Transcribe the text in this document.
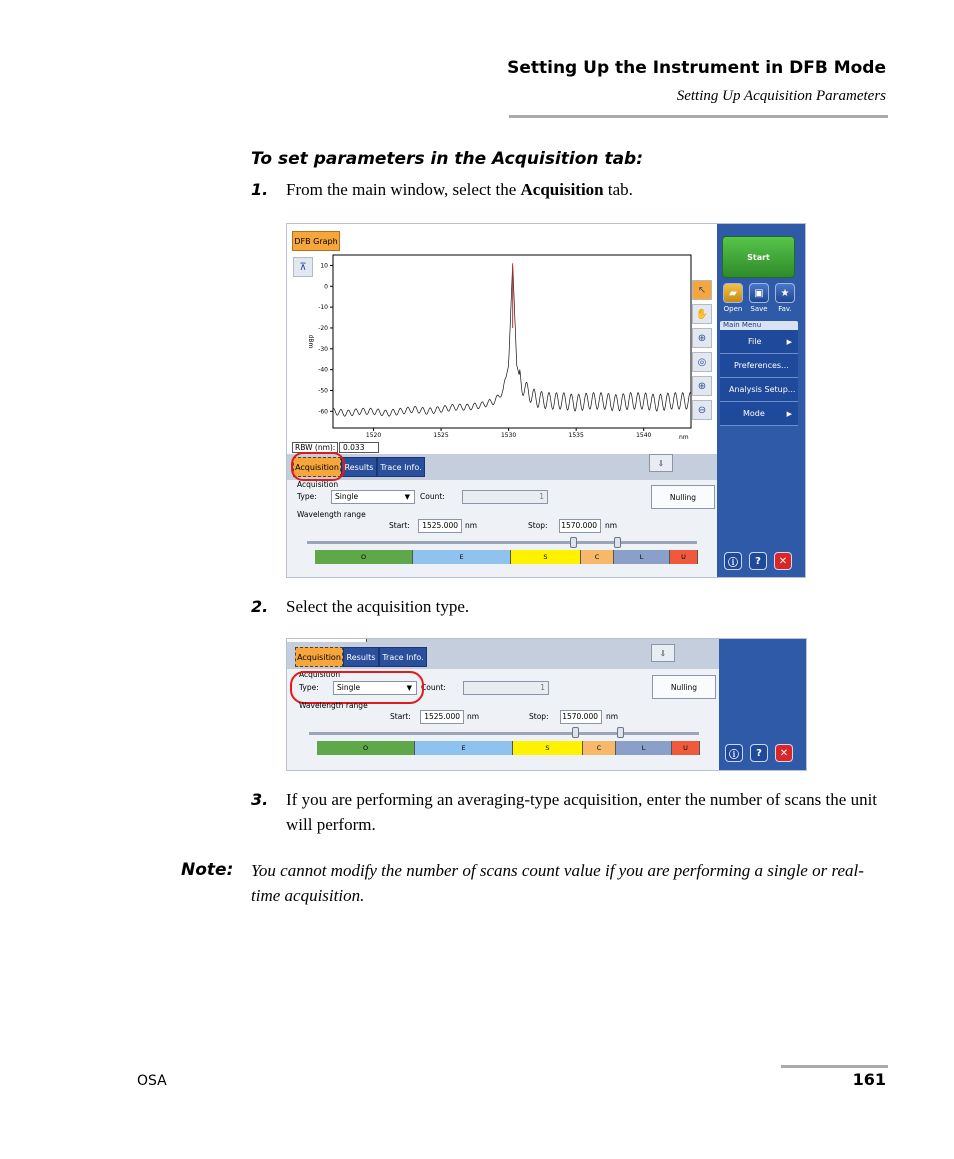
Setting Up the Instrument in DFB Mode
Setting Up Acquisition Parameters
To set parameters in the Acquisition tab:
1. From the main window, select the Acquisition tab.
DFB Graph
⊼	10
0
-10
-20
-30
-40
-50
-60
1520	1525	1530	1535	1540	nm
dBm
RBW (nm):	0.033
↖
✋
⊕
◎
⊕
⊖
Acquisition Results Trace Info.	⇩
Acquisition
Type:	Single	▼ Count:	1	Nulling
Wavelength range
Start:	1525.000 nm	Stop: 1570.000	nm
O	E	S	C	L	U
Start
▰	▣	★
Open	Save	Fav.
Main Menu
File	▶
Preferences...
Analysis Setup...
Mode	▶
ⓘ	?	✕
2. Select the acquisition type.
Acquisition Results Trace Info.	⇩
Acquisition
Type:	Single	▼ Count:	1	Nulling
Wavelength range
Start:	1525.000 nm	Stop: 1570.000	nm
O	E	S	C	L	U
ⓘ	?	✕
3. If you are performing an averaging-type acquisition, enter the number of scans the unit will perform.
Note: You cannot modify the number of scans count value if you are performing a single or real-time acquisition.
OSA	161
